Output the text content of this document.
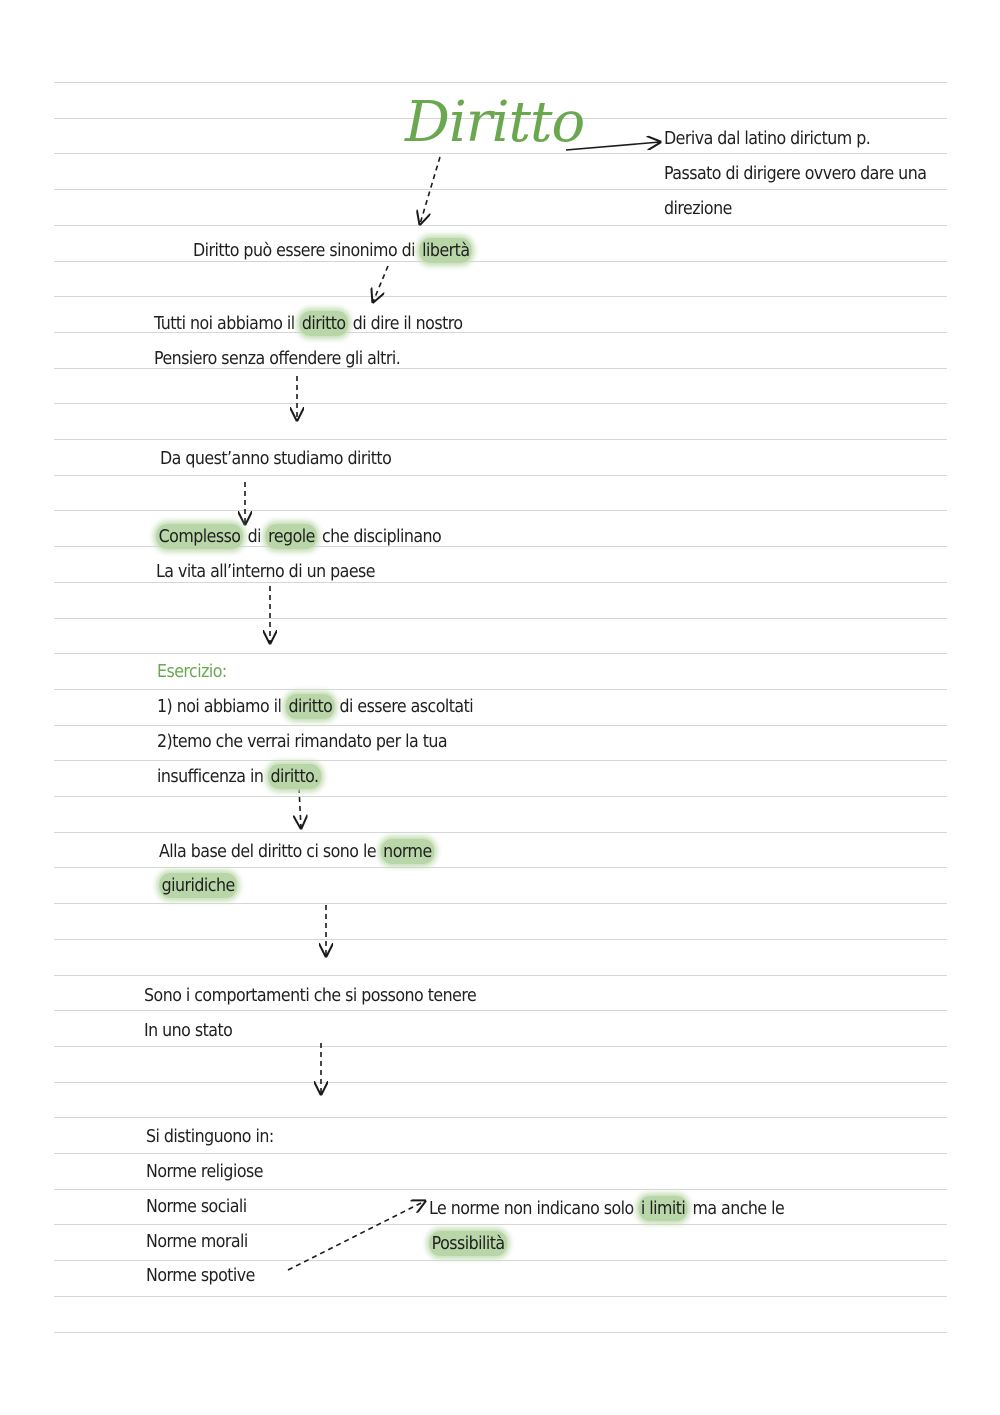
Diritto	Deriva dal latino dirictum p.
Passato di dirigere ovvero dare una
direzione
Diritto può essere sinonimo di libertà
Tutti noi abbiamo il diritto di dire il nostro
Pensiero senza offendere gli altri.
Da quest’anno studiamo diritto
Complesso di regole che disciplinano
La vita all’interno di un paese
Esercizio:
1) noi abbiamo il diritto di essere ascoltati
2)temo che verrai rimandato per la tua
insufficenza in diritto.
Alla base del diritto ci sono le norme
giuridiche
Sono i comportamenti che si possono tenere
In uno stato
Si distinguono in:
Norme religiose
Norme sociali
Norme morali
Norme spotive
Le norme non indicano solo i limiti ma anche le
Possibilità
